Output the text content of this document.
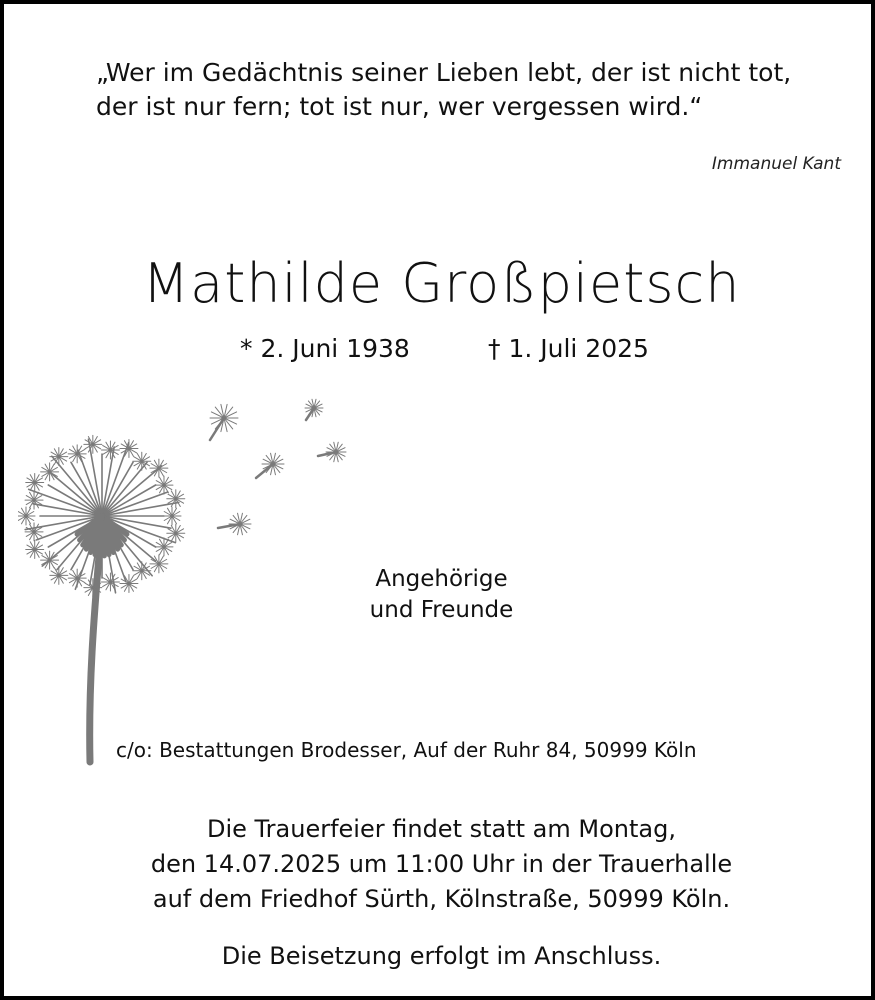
„Wer im Gedächtnis seiner Lieben lebt, der ist nicht tot,
der ist nur fern; tot ist nur, wer vergessen wird.“
Immanuel Kant
Mathilde Großpietsch
* 2. Juni 1938	† 1. Juli 2025
Angehörige
und Freunde
c/o: Bestattungen Brodesser, Auf der Ruhr 84, 50999 Köln
Die Trauerfeier findet statt am Montag,
den 14.07.2025 um 11:00 Uhr in der Trauerhalle
auf dem Friedhof Sürth, Kölnstraße, 50999 Köln.
Die Beisetzung erfolgt im Anschluss.
